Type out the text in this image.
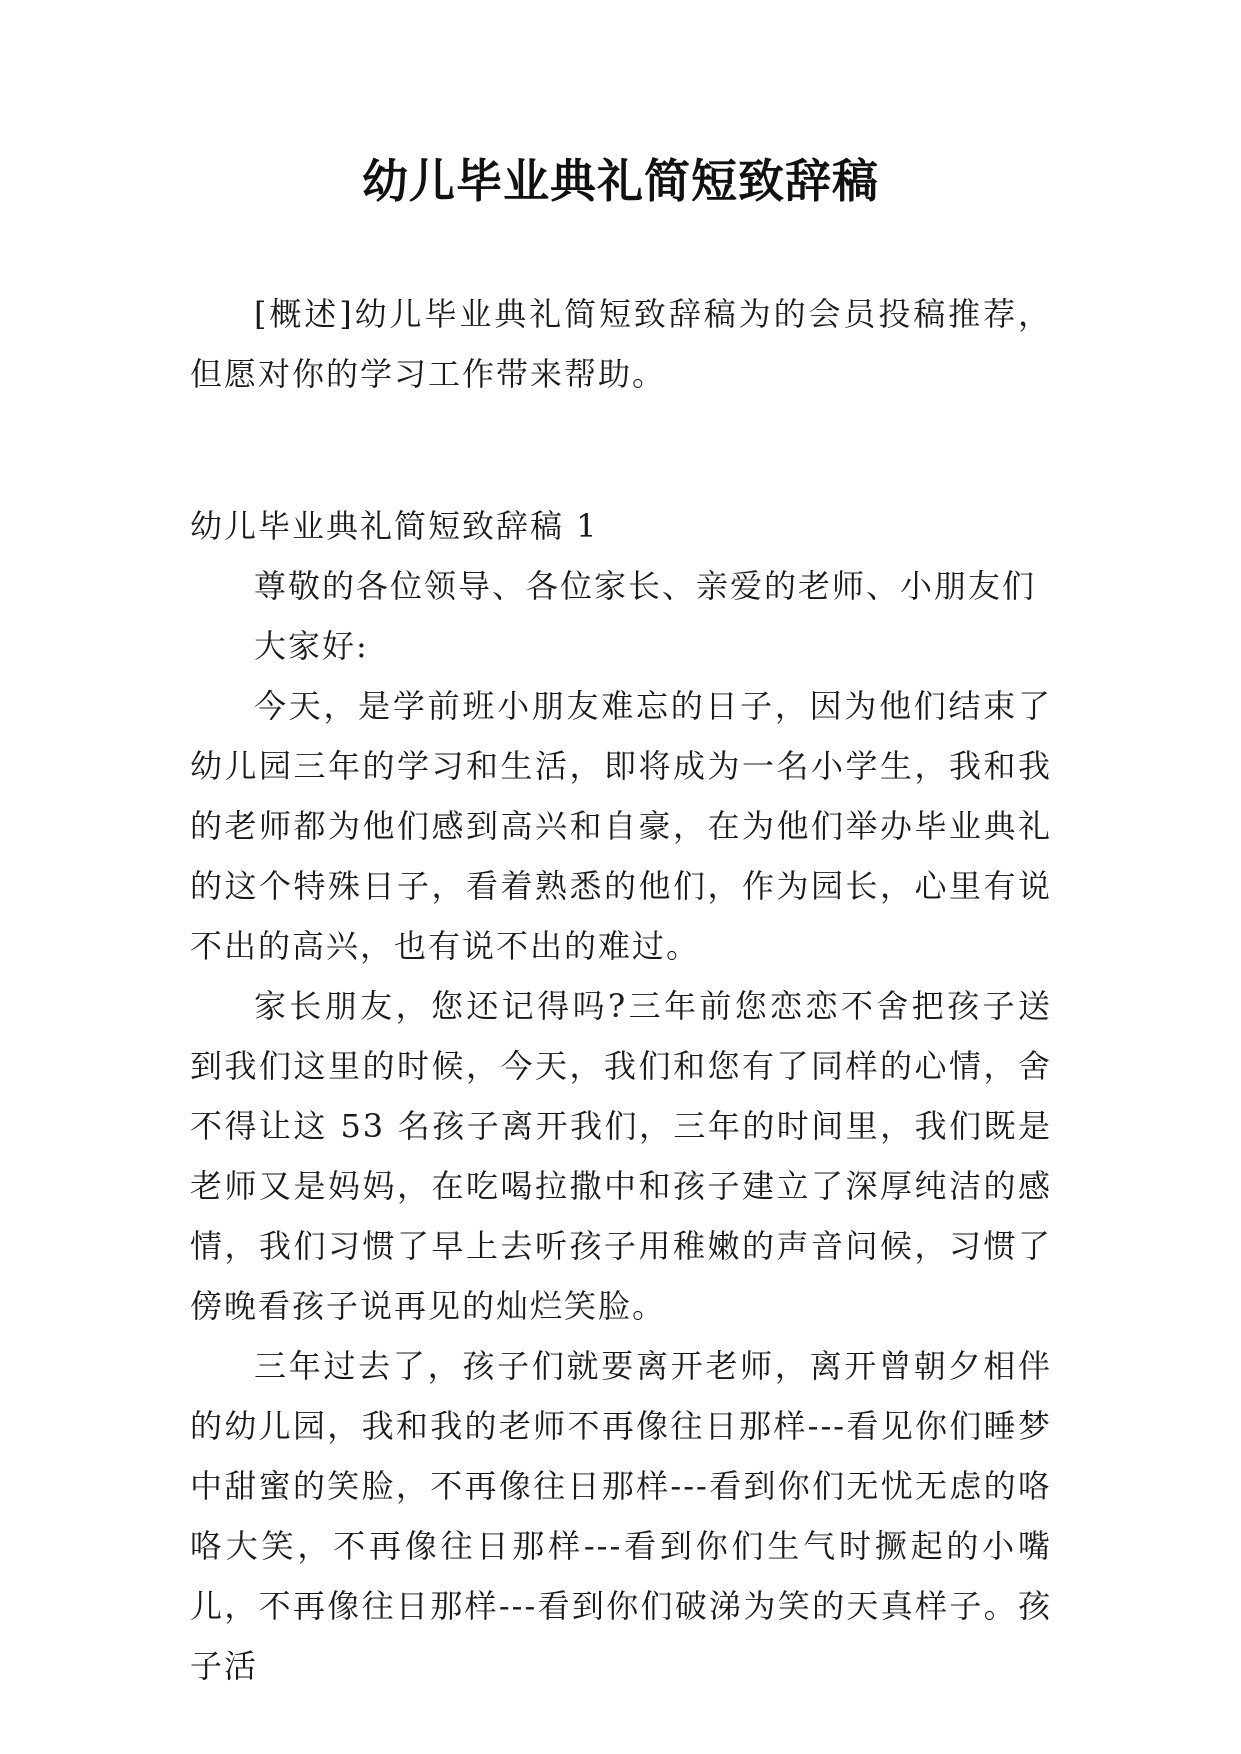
幼儿毕业典礼简短致辞稿

[概述]幼儿毕业典礼简短致辞稿为的会员投稿推荐，但愿对你的学习工作带来帮助。

幼儿毕业典礼简短致辞稿 1

尊敬的各位领导、各位家长、亲爱的老师、小朋友们

大家好:

今天，是学前班小朋友难忘的日子，因为他们结束了幼儿园三年的学习和生活，即将成为一名小学生，我和我的老师都为他们感到高兴和自豪，在为他们举办毕业典礼的这个特殊日子，看着熟悉的他们，作为园长，心里有说不出的高兴，也有说不出的难过。

家长朋友，您还记得吗?三年前您恋恋不舍把孩子送到我们这里的时候，今天，我们和您有了同样的心情，舍不得让这 53 名孩子离开我们，三年的时间里，我们既是老师又是妈妈，在吃喝拉撒中和孩子建立了深厚纯洁的感情，我们习惯了早上去听孩子用稚嫩的声音问候，习惯了傍晚看孩子说再见的灿烂笑脸。

三年过去了，孩子们就要离开老师，离开曾朝夕相伴的幼儿园，我和我的老师不再像往日那样---看见你们睡梦中甜蜜的笑脸，不再像往日那样---看到你们无忧无虑的咯咯大笑，不再像往日那样---看到你们生气时撅起的小嘴儿，不再像往日那样---看到你们破涕为笑的天真样子。孩子活
